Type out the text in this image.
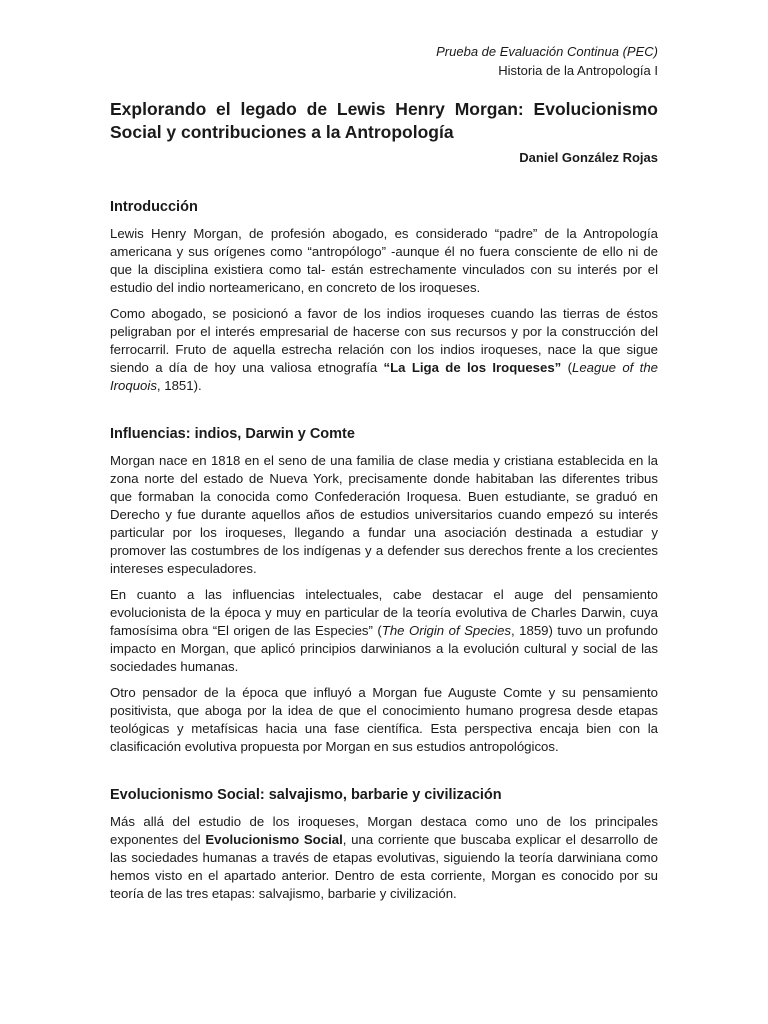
Prueba de Evaluación Continua (PEC)
Historia de la Antropología I
Explorando el legado de Lewis Henry Morgan: Evolucionismo Social y contribuciones a la Antropología
Daniel González Rojas
Introducción

Lewis Henry Morgan, de profesión abogado, es considerado “padre” de la Antropología americana y sus orígenes como “antropólogo” -aunque él no fuera consciente de ello ni de que la disciplina existiera como tal- están estrechamente vinculados con su interés por el estudio del indio norteamericano, en concreto de los iroqueses.

Como abogado, se posicionó a favor de los indios iroqueses cuando las tierras de éstos peligraban por el interés empresarial de hacerse con sus recursos y por la construcción del ferrocarril. Fruto de aquella estrecha relación con los indios iroqueses, nace la que sigue siendo a día de hoy una valiosa etnografía “La Liga de los Iroqueses” (League of the Iroquois, 1851).

Influencias: indios, Darwin y Comte

Morgan nace en 1818 en el seno de una familia de clase media y cristiana establecida en la zona norte del estado de Nueva York, precisamente donde habitaban las diferentes tribus que formaban la conocida como Confederación Iroquesa. Buen estudiante, se graduó en Derecho y fue durante aquellos años de estudios universitarios cuando empezó su interés particular por los iroqueses, llegando a fundar una asociación destinada a estudiar y promover las costumbres de los indígenas y a defender sus derechos frente a los crecientes intereses especuladores.

En cuanto a las influencias intelectuales, cabe destacar el auge del pensamiento evolucionista de la época y muy en particular de la teoría evolutiva de Charles Darwin, cuya famosísima obra “El origen de las Especies” (The Origin of Species, 1859) tuvo un profundo impacto en Morgan, que aplicó principios darwinianos a la evolución cultural y social de las sociedades humanas.

Otro pensador de la época que influyó a Morgan fue Auguste Comte y su pensamiento positivista, que aboga por la idea de que el conocimiento humano progresa desde etapas teológicas y metafísicas hacia una fase científica. Esta perspectiva encaja bien con la clasificación evolutiva propuesta por Morgan en sus estudios antropológicos.

Evolucionismo Social: salvajismo, barbarie y civilización

Más allá del estudio de los iroqueses, Morgan destaca como uno de los principales exponentes del Evolucionismo Social, una corriente que buscaba explicar el desarrollo de las sociedades humanas a través de etapas evolutivas, siguiendo la teoría darwiniana como hemos visto en el apartado anterior. Dentro de esta corriente, Morgan es conocido por su teoría de las tres etapas: salvajismo, barbarie y civilización.
